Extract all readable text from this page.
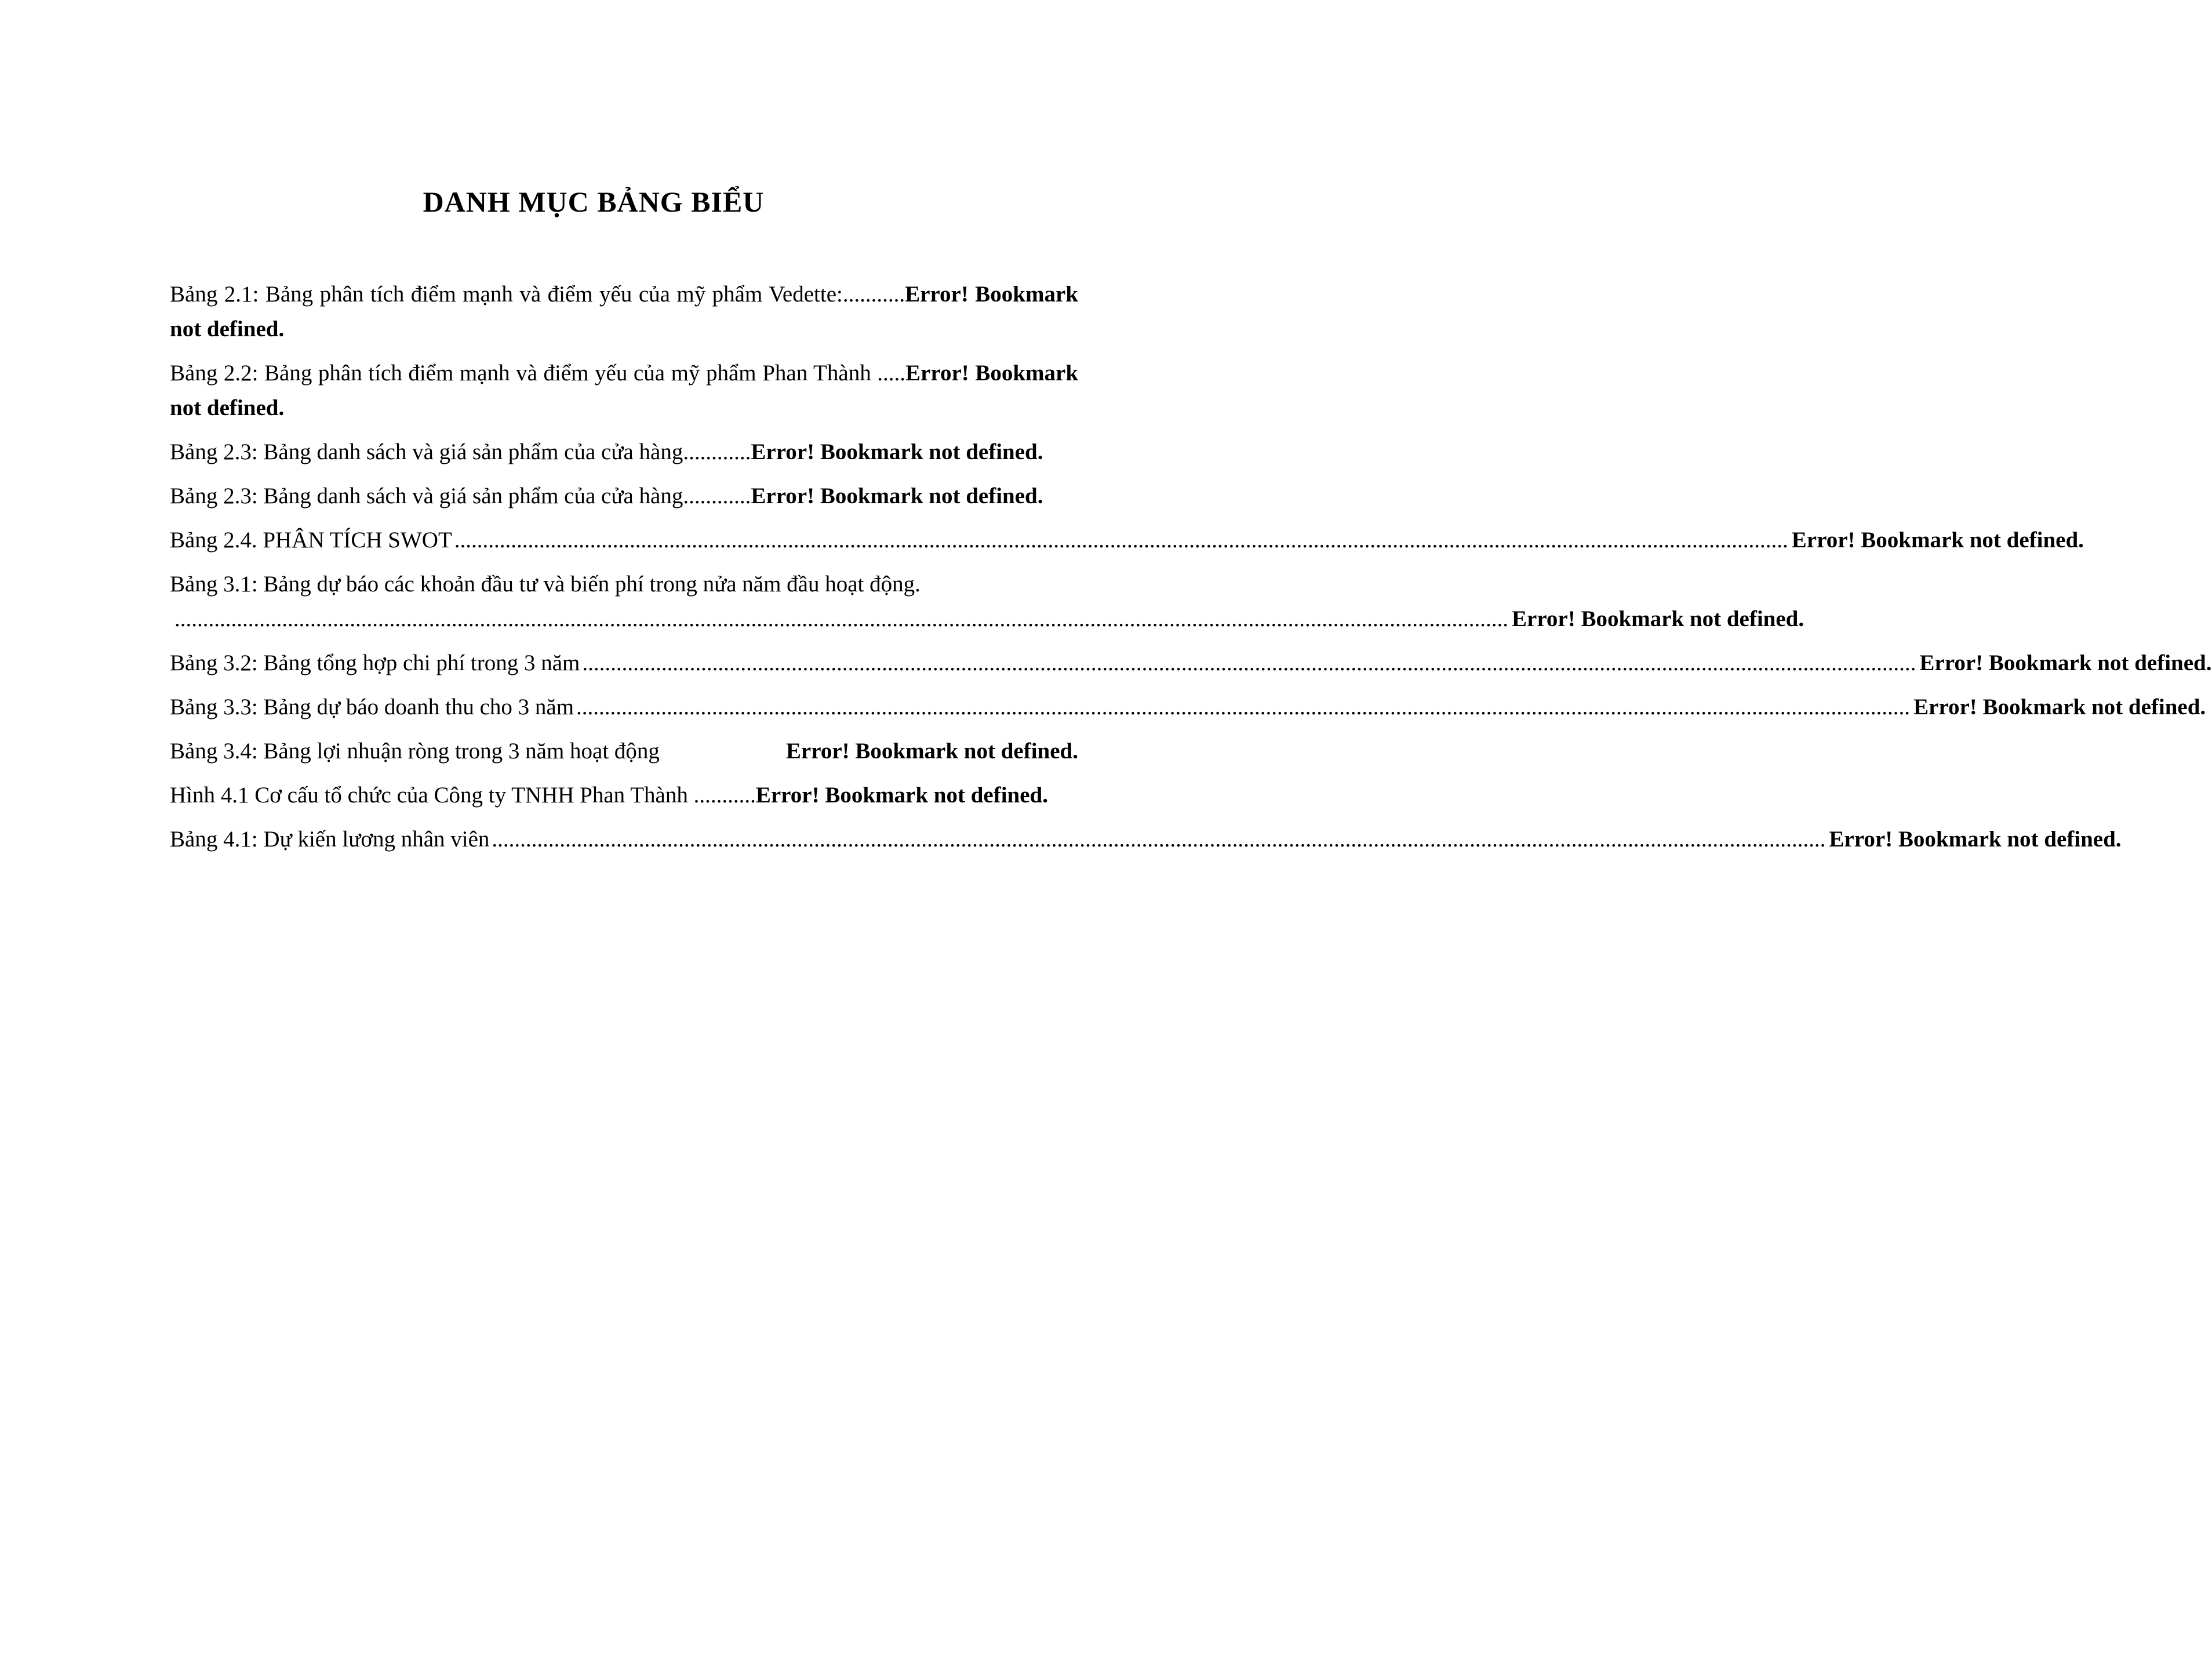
DANH MỤC BẢNG BIỂU

Bảng 2.1: Bảng phân tích điểm mạnh và điểm yếu của mỹ phẩm Vedette:...........Error! Bookmark not defined.

Bảng 2.2: Bảng phân tích điểm mạnh và điểm yếu của mỹ phẩm Phan Thành .....Error! Bookmark not defined.

Bảng 2.3: Bảng danh sách và giá sản phẩm của cửa hàng............Error! Bookmark not defined.

Bảng 2.3: Bảng danh sách và giá sản phẩm của cửa hàng............Error! Bookmark not defined.

Bảng 2.4. PHÂN TÍCH SWOT ............................................................................................................................................................................................................................................ Error! Bookmark not defined.

Bảng 3.1: Bảng dự báo các khoản đầu tư và biến phí trong nửa năm đầu hoạt động.
............................................................................................................................................................................................................................................ Error! Bookmark not defined.

Bảng 3.2: Bảng tổng hợp chi phí trong 3 năm ............................................................................................................................................................................................................................................ Error! Bookmark not defined.

Bảng 3.3: Bảng dự báo doanh thu cho 3 năm ............................................................................................................................................................................................................................................ Error! Bookmark not defined.

Bảng 3.4: Bảng lợi nhuận ròng trong 3 năm hoạt động	Error! Bookmark not defined.

Hình 4.1 Cơ cấu tổ chức của Công ty TNHH Phan Thành ...........Error! Bookmark not defined.

Bảng 4.1: Dự kiến lương nhân viên ............................................................................................................................................................................................................................................ Error! Bookmark not defined.
